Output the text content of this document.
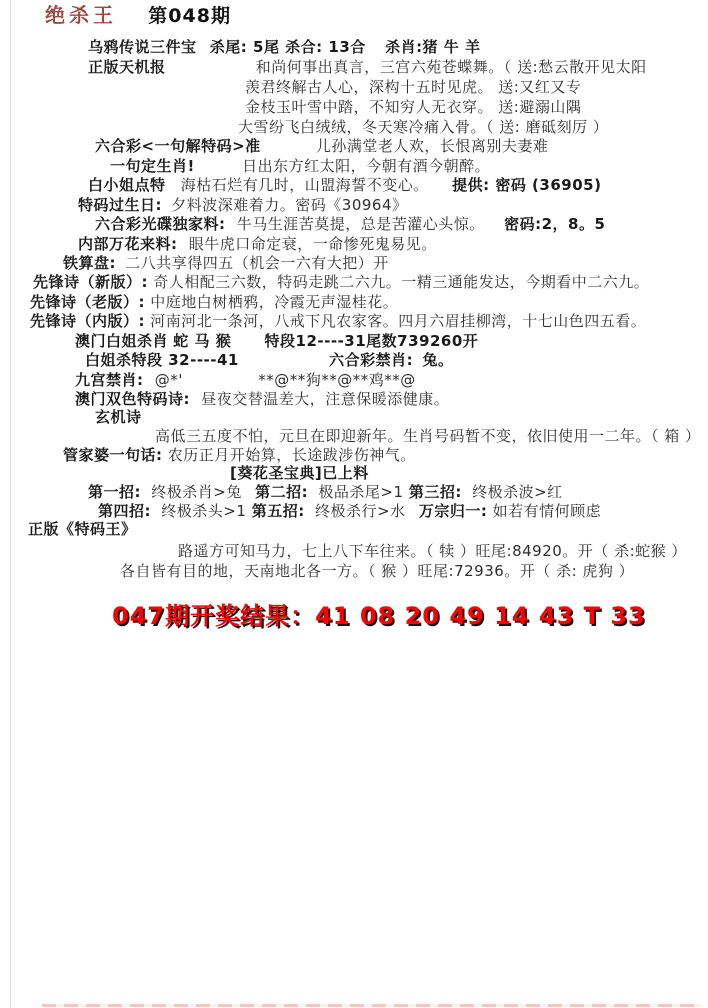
绝杀王 第048期
乌鸦传说三件宝 杀尾: 5尾 杀合: 13合 杀肖:猪 牛 羊
正版天机报	和尚何事出真言，三宫六苑苍蝶舞。（ 送:愁云散开见太阳
羡君终解古人心，深构十五时见虎。 送:又红又专
金枝玉叶雪中踏，不知穷人无衣穿。 送:避溺山隅
大雪纷飞白绒绒，冬天寒冷痛入骨。（ 送: 磨砥刻厉 ）
六合彩<一句解特码>准	儿孙满堂老人欢，长恨离别夫妻难
一句定生肖!	日出东方红太阳，今朝有酒今朝醉。
白小姐点特 海枯石烂有几时，山盟海誓不变心。 提供: 密码 (36905)
特码过生日: 夕料波深难着力。密码《30964》
六合彩光碟独家料: 牛马生涯苦莫提，总是苦灌心头惊。 密码:2，8。5
内部万花来料: 眼牛虎口命定衰，一命惨死鬼易见。
铁算盘: 二八共享得四五（机会一六有大把）开
先锋诗（新版）: 奇人相配三六数，特码走跳二六九。一精三通能发达，今期看中二六九。
先锋诗（老版）: 中庭地白树栖鸦，冷霞无声湿桂花。
先锋诗（内版）: 河南河北一条河，八戒下凡农家客。四月六眉挂柳湾，十七山色四五看。
澳门白姐杀肖 蛇 马 猴 特段12----31尾数739260开
白姐杀特段 32----41	六合彩禁肖: 兔。
九宫禁肖: @*'	**@**狗**@**鸡**@
澳门双色特码诗: 昼夜交替温差大，注意保暖添健康。
玄机诗
高低三五度不怕，元旦在即迎新年。生肖号码暂不变，依旧使用一二年。（ 箱 ）
管家婆一句话: 农历正月开始算，长途跋涉伤神气。
[葵花圣宝典]已上料
第一招: 终极杀肖>兔 第二招: 极品杀尾>1 第三招: 终极杀波>红
第四招: 终极杀头>1 第五招: 终极杀行>水 万宗归一: 如若有情何顾虑
正版《特码王》
路遥方可知马力，七上八下车往来。（ 犊 ）旺尾:84920。开（ 杀:蛇猴 ）
各自皆有目的地，天南地北各一方。（ 猴 ）旺尾:72936。开（ 杀: 虎狗 ）
047期开奖结果：41 08 20 49 14 43 T 33
